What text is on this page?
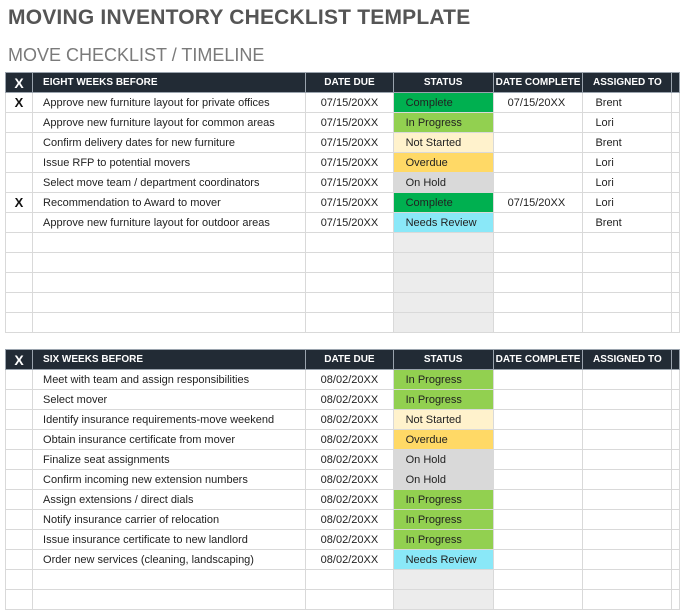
MOVING INVENTORY CHECKLIST TEMPLATE
MOVE CHECKLIST / TIMELINE
X	EIGHT WEEKS BEFORE	DATE DUE	STATUS	DATE COMPLETE	ASSIGNED TO	
X	Approve new furniture layout for private offices	07/15/20XX	Complete	07/15/20XX	Brent	
	Approve new furniture layout for common areas	07/15/20XX	In Progress		Lori	
	Confirm delivery dates for new furniture	07/15/20XX	Not Started		Brent	
	Issue RFP to potential movers	07/15/20XX	Overdue		Lori	
	Select move team / department coordinators	07/15/20XX	On Hold		Lori	
X	Recommendation to Award to mover	07/15/20XX	Complete	07/15/20XX	Lori	
	Approve new furniture layout for outdoor areas	07/15/20XX	Needs Review		Brent	

X	SIX WEEKS BEFORE	DATE DUE	STATUS	DATE COMPLETE	ASSIGNED TO	
	Meet with team and assign responsibilities	08/02/20XX	In Progress			
	Select mover	08/02/20XX	In Progress			
	Identify insurance requirements-move weekend	08/02/20XX	Not Started			
	Obtain insurance certificate from mover	08/02/20XX	Overdue			
	Finalize seat assignments	08/02/20XX	On Hold			
	Confirm incoming new extension numbers	08/02/20XX	On Hold			
	Assign extensions / direct dials	08/02/20XX	In Progress			
	Notify insurance carrier of relocation	08/02/20XX	In Progress			
	Issue insurance certificate to new landlord	08/02/20XX	In Progress			
	Order new services (cleaning, landscaping)	08/02/20XX	Needs Review			
